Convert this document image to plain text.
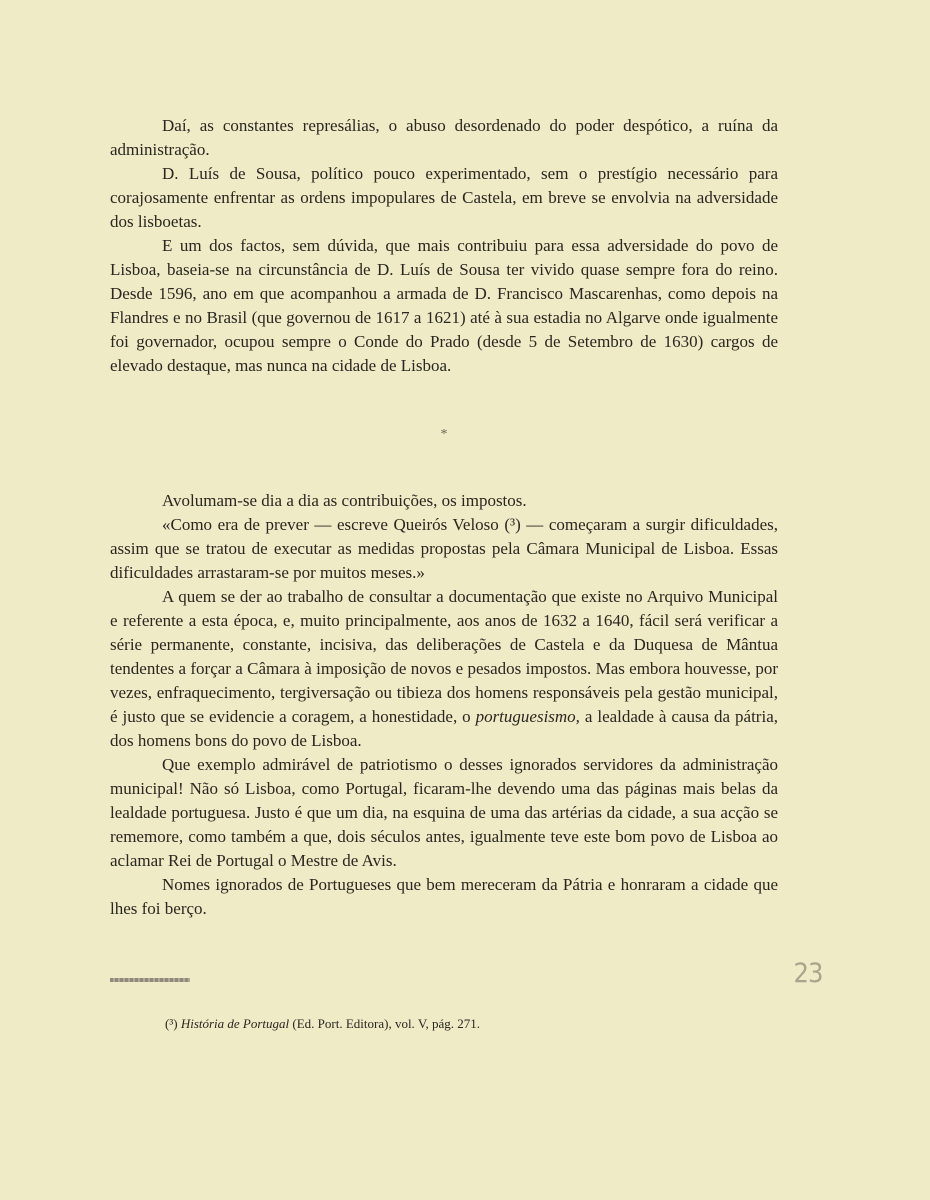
Daí, as constantes represálias, o abuso desordenado do poder despótico, a ruína da administração.

D. Luís de Sousa, político pouco experimentado, sem o prestígio necessário para corajosamente enfrentar as ordens impopulares de Castela, em breve se envolvia na adversidade dos lisboetas.

E um dos factos, sem dúvida, que mais contribuiu para essa adversidade do povo de Lisboa, baseia-se na circunstância de D. Luís de Sousa ter vivido quase sempre fora do reino. Desde 1596, ano em que acompanhou a armada de D. Francisco Mascarenhas, como depois na Flandres e no Brasil (que governou de 1617 a 1621) até à sua estadia no Algarve onde igualmente foi governador, ocupou sempre o Conde do Prado (desde 5 de Setembro de 1630) cargos de elevado destaque, mas nunca na cidade de Lisboa.

*

Avolumam-se dia a dia as contribuições, os impostos.

«Como era de prever — escreve Queirós Veloso (³) — começaram a surgir dificuldades, assim que se tratou de executar as medidas propostas pela Câmara Municipal de Lisboa. Essas dificuldades arrastaram-se por muitos meses.»

A quem se der ao trabalho de consultar a documentação que existe no Arquivo Municipal e referente a esta época, e, muito principalmente, aos anos de 1632 a 1640, fácil será verificar a série permanente, constante, incisiva, das deliberações de Castela e da Duquesa de Mântua tendentes a forçar a Câmara à imposição de novos e pesados impostos. Mas embora houvesse, por vezes, enfraquecimento, tergiversação ou tibieza dos homens responsáveis pela gestão municipal, é justo que se evidencie a coragem, a honestidade, o portuguesismo, a lealdade à causa da pátria, dos homens bons do povo de Lisboa.

Que exemplo admirável de patriotismo o desses ignorados servidores da administração municipal! Não só Lisboa, como Portugal, ficaram-lhe devendo uma das páginas mais belas da lealdade portuguesa. Justo é que um dia, na esquina de uma das artérias da cidade, a sua acção se rememore, como também a que, dois séculos antes, igualmente teve este bom povo de Lisboa ao aclamar Rei de Portugal o Mestre de Avis.

Nomes ignorados de Portugueses que bem mereceram da Pátria e honraram a cidade que lhes foi berço.

23
(³) História de Portugal (Ed. Port. Editora), vol. V, pág. 271.
